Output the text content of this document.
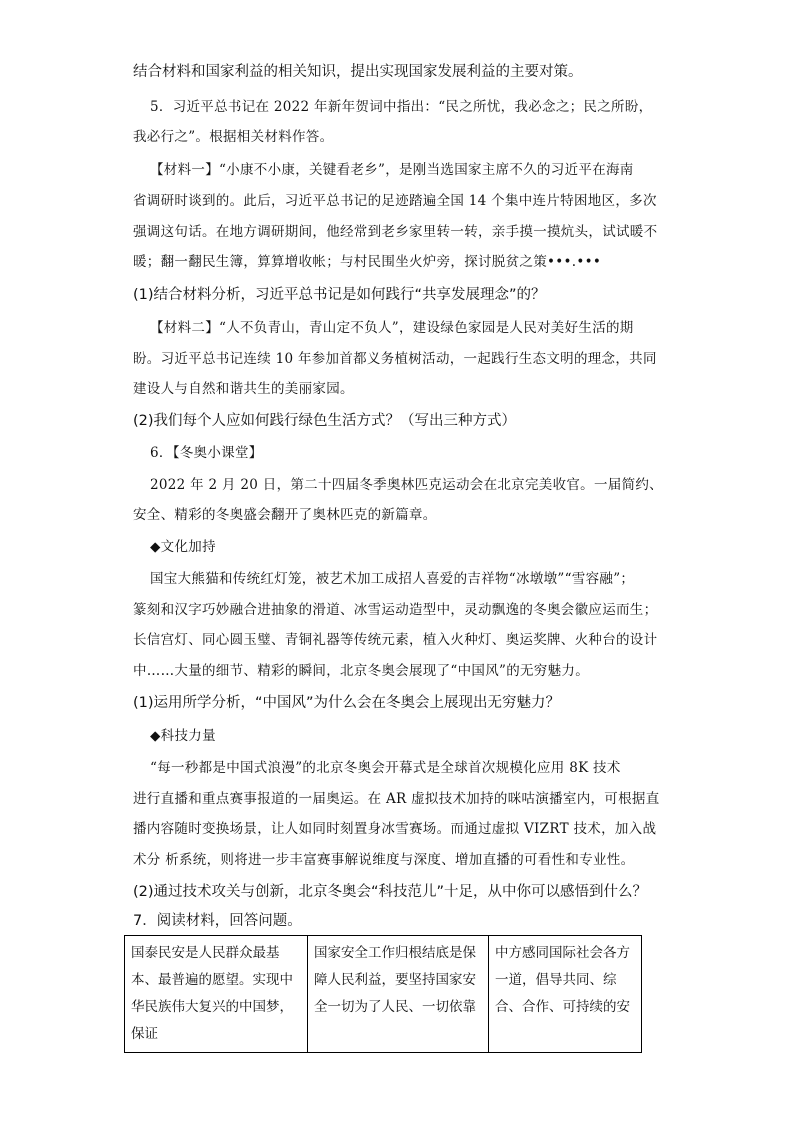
结合材料和国家利益的相关知识，提出实现国家发展利益的主要对策。
5．习近平总书记在 2022 年新年贺词中指出：“民之所忧，我必念之；民之所盼，
我必行之”。根据相关材料作答。
【材料一】“小康不小康，关键看老乡”，是刚当选国家主席不久的习近平在海南
省调研时谈到的。此后，习近平总书记的足迹踏遍全国 14 个集中连片特困地区，多次
强调这句话。在地方调研期间，他经常到老乡家里转一转，亲手摸一摸炕头，试试暖不
暖；翻一翻民生簿，算算增收帐；与村民围坐火炉旁，探讨脱贫之策•••.•••
(1)结合材料分析，习近平总书记是如何践行“共享发展理念”的？
【材料二】“人不负青山，青山定不负人”，建设绿色家园是人民对美好生活的期
盼。习近平总书记连续 10 年参加首都义务植树活动，一起践行生态文明的理念，共同
建设人与自然和谐共生的美丽家园。
(2)我们每个人应如何践行绿色生活方式？（写出三种方式）
6．【冬奥小课堂】
2022 年 2 月 20 日，第二十四届冬季奥林匹克运动会在北京完美收官。一届简约、
安全、精彩的冬奥盛会翻开了奥林匹克的新篇章。
◆文化加持
国宝大熊猫和传统红灯笼，被艺术加工成招人喜爱的吉祥物“冰墩墩”“雪容融”；
篆刻和汉字巧妙融合进抽象的滑道、冰雪运动造型中，灵动飘逸的冬奥会徽应运而生；
长信宫灯、同心圆玉璧、青铜礼器等传统元素，植入火种灯、奥运奖牌、火种台的设计
中……大量的细节、精彩的瞬间，北京冬奥会展现了“中国风”的无穷魅力。
(1)运用所学分析，“中国风”为什么会在冬奥会上展现出无穷魅力？
◆科技力量
“每一秒都是中国式浪漫”的北京冬奥会开幕式是全球首次规模化应用 8K 技术
进行直播和重点赛事报道的一届奥运。在 AR 虚拟技术加持的咪咕演播室内，可根据直
播内容随时变换场景，让人如同时刻置身冰雪赛场。而通过虚拟 VIZRT 技术，加入战
术分 析系统，则将进一步丰富赛事解说维度与深度、增加直播的可看性和专业性。
(2)通过技术攻关与创新，北京冬奥会“科技范儿”十足，从中你可以感悟到什么？
7．阅读材料，回答问题。
国泰民安是人民群众最基本、最普遍的愿望。实现中华民族伟大复兴的中国梦，保证	国家安全工作归根结底是保障人民利益，要坚持国家安全一切为了人民、一切依靠	中方感同国际社会各方一道，倡导共同、综合、合作、可持续的安
